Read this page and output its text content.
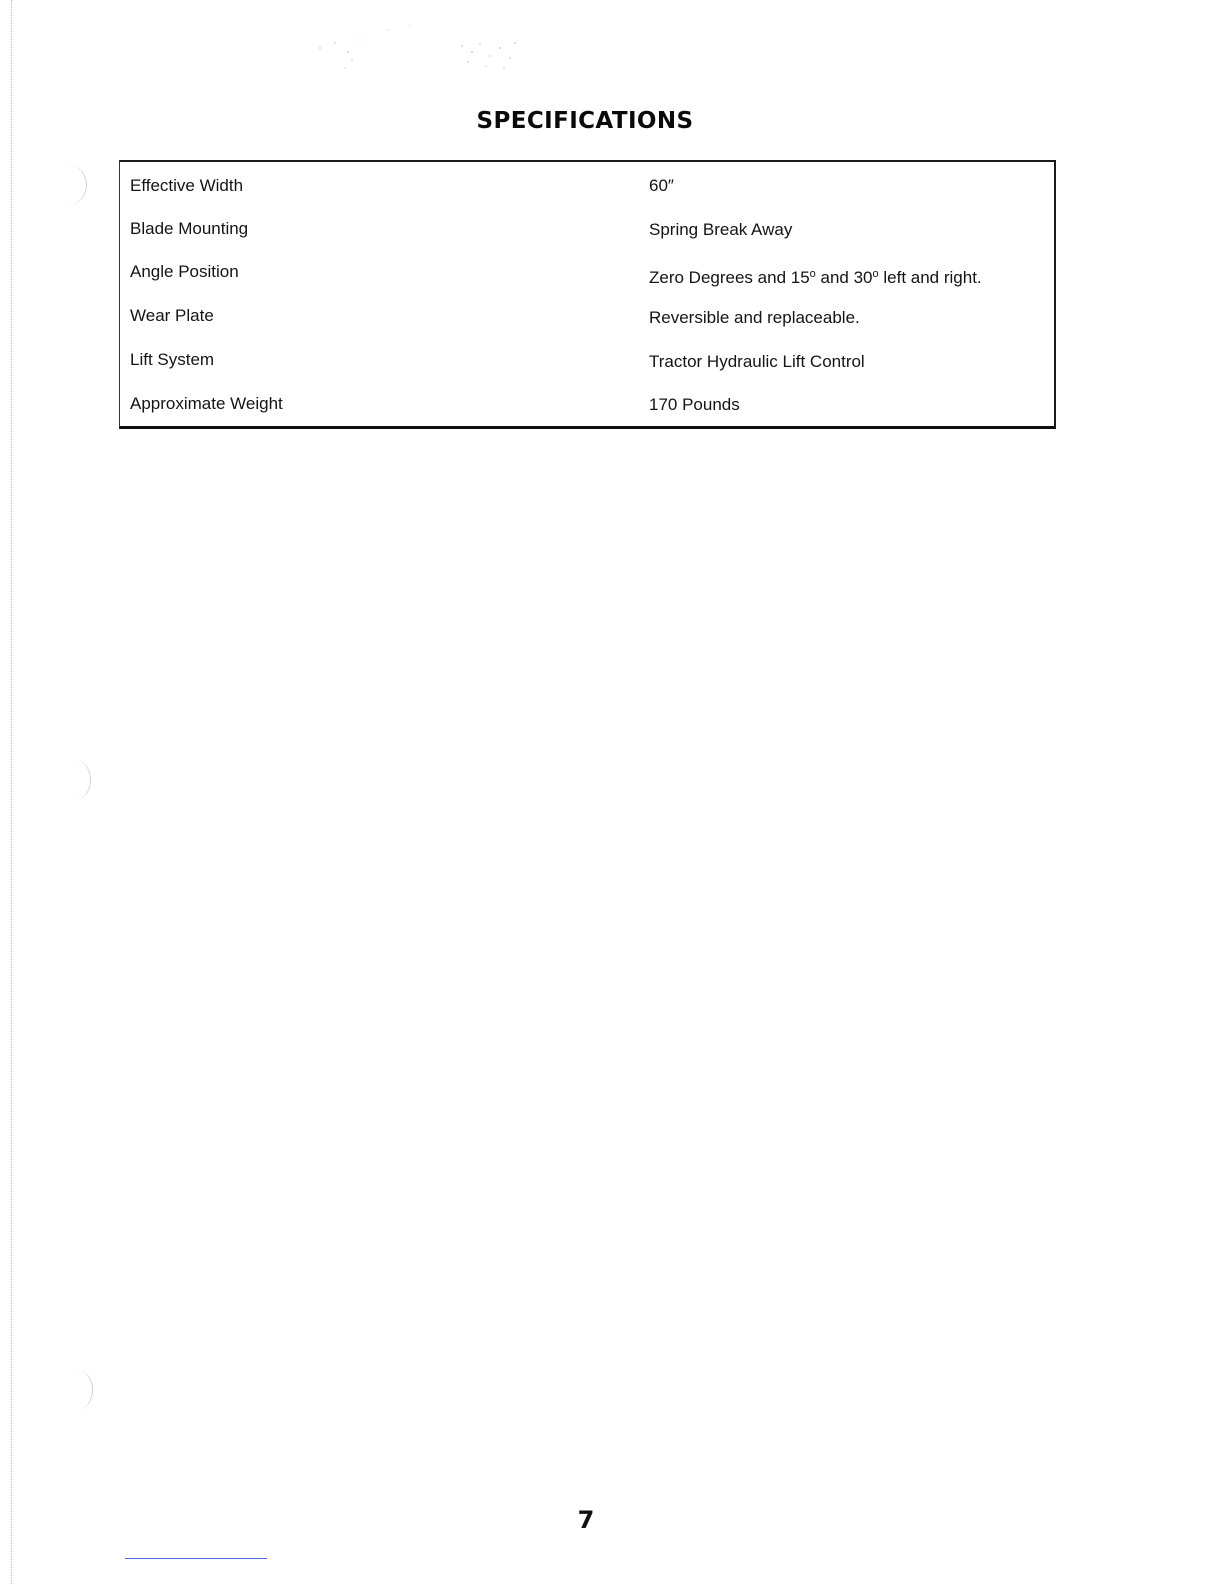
SPECIFICATIONS
Effective Width	60″
Blade Mounting	Spring Break Away
Angle Position	Zero Degrees and 15$^o$ and 30$^o$ left and right.
Wear Plate	Reversible and replaceable.
Lift System	Tractor Hydraulic Lift Control
Approximate Weight	170 Pounds
7
